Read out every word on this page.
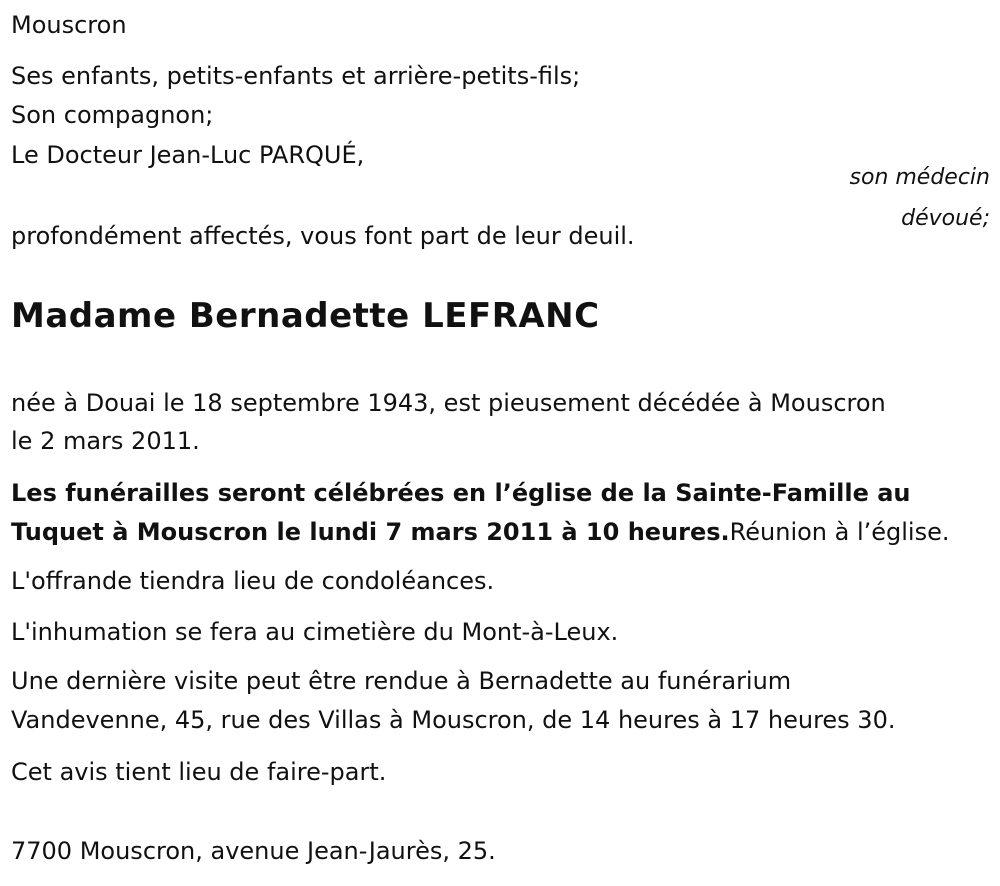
Mouscron

Ses enfants, petits-enfants et arrière-petits-fils;

Son compagnon;

Le Docteur Jean-Luc PARQUÉ,

son médecin
dévoué;

profondément affectés, vous font part de leur deuil.

Madame Bernadette LEFRANC

née à Douai le 18 septembre 1943, est pieusement décédée à Mouscron

le 2 mars 2011.

Les funérailles seront célébrées en l’église de la Sainte-Famille au

Tuquet à Mouscron le lundi 7 mars 2011 à 10 heures.Réunion à l’église.

L'offrande tiendra lieu de condoléances.

L'inhumation se fera au cimetière du Mont-à-Leux.

Une dernière visite peut être rendue à Bernadette au funérarium

Vandevenne, 45, rue des Villas à Mouscron, de 14 heures à 17 heures 30.

Cet avis tient lieu de faire-part.

7700 Mouscron, avenue Jean-Jaurès, 25.
